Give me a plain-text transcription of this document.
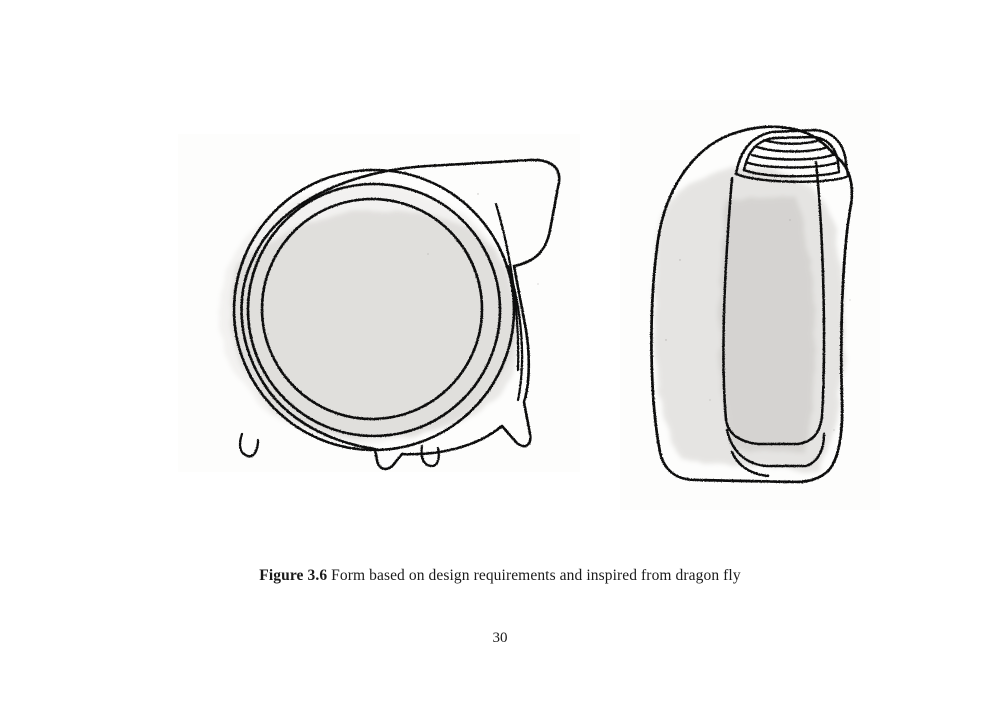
Figure 3.6 Form based on design requirements and inspired from dragon fly
30
